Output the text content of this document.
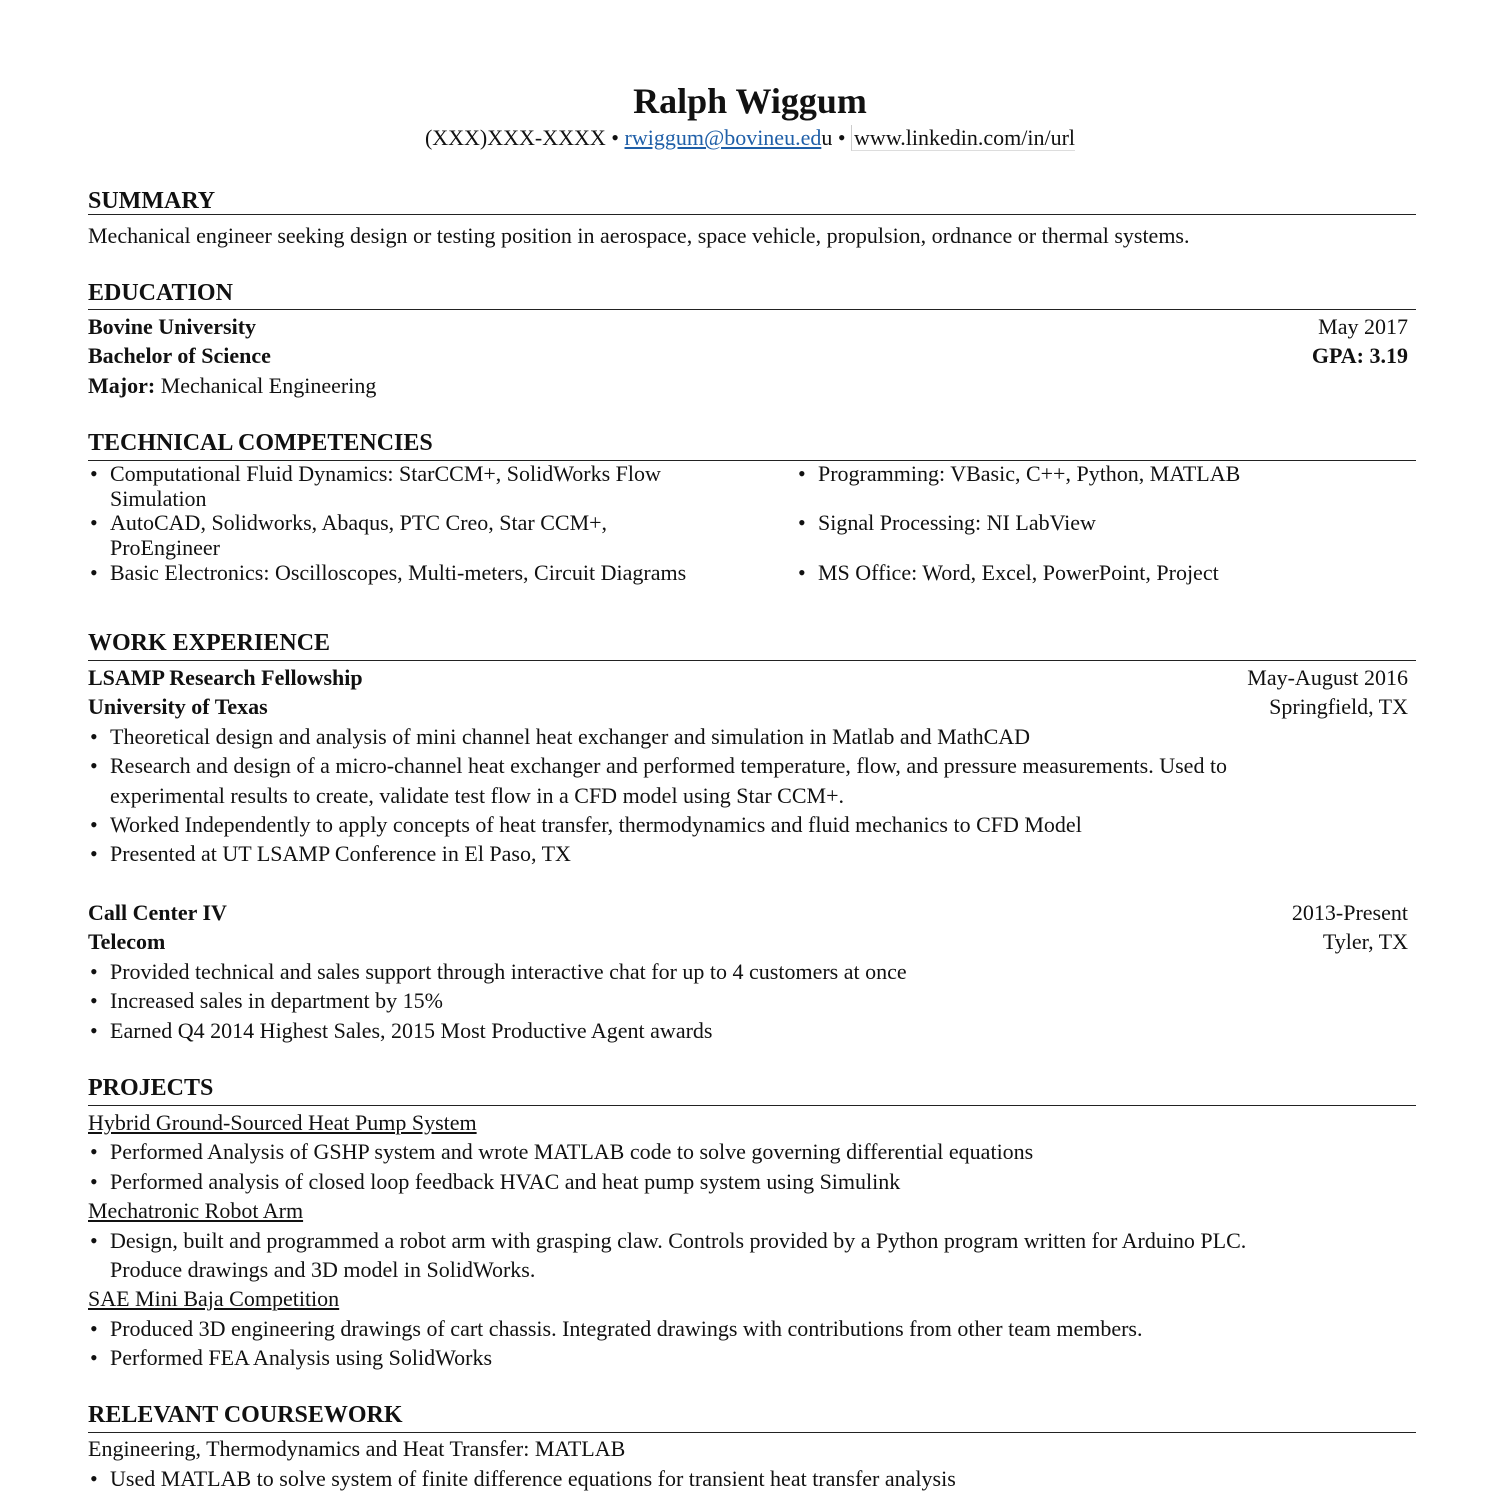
Ralph Wiggum
(XXX)XXX-XXXX • rwiggum@bovineu.edu • www.linkedin.com/in/url
SUMMARY
Mechanical engineer seeking design or testing position in aerospace, space vehicle, propulsion, ordnance or thermal systems.
EDUCATION
Bovine University	May 2017
Bachelor of Science	GPA: 3.19
Major: Mechanical Engineering
TECHNICAL COMPETENCIES
• Computational Fluid Dynamics: StarCCM+, SolidWorks Flow
Simulation
• AutoCAD, Solidworks, Abaqus, PTC Creo, Star CCM+,
ProEngineer
• Basic Electronics: Oscilloscopes, Multi-meters, Circuit Diagrams
• Programming: VBasic, C++, Python, MATLAB
• Signal Processing: NI LabView
• MS Office: Word, Excel, PowerPoint, Project
WORK EXPERIENCE
LSAMP Research Fellowship	May-August 2016
University of Texas	Springfield, TX
• Theoretical design and analysis of mini channel heat exchanger and simulation in Matlab and MathCAD
• Research and design of a micro-channel heat exchanger and performed temperature, flow, and pressure measurements. Used to
experimental results to create, validate test flow in a CFD model using Star CCM+.
• Worked Independently to apply concepts of heat transfer, thermodynamics and fluid mechanics to CFD Model
• Presented at UT LSAMP Conference in El Paso, TX
Call Center IV	2013-Present
Telecom	Tyler, TX
• Provided technical and sales support through interactive chat for up to 4 customers at once
• Increased sales in department by 15%
• Earned Q4 2014 Highest Sales, 2015 Most Productive Agent awards
PROJECTS
Hybrid Ground-Sourced Heat Pump System
• Performed Analysis of GSHP system and wrote MATLAB code to solve governing differential equations
• Performed analysis of closed loop feedback HVAC and heat pump system using Simulink
Mechatronic Robot Arm
• Design, built and programmed a robot arm with grasping claw. Controls provided by a Python program written for Arduino PLC.
Produce drawings and 3D model in SolidWorks.
SAE Mini Baja Competition
• Produced 3D engineering drawings of cart chassis. Integrated drawings with contributions from other team members.
• Performed FEA Analysis using SolidWorks
RELEVANT COURSEWORK
Engineering, Thermodynamics and Heat Transfer: MATLAB
• Used MATLAB to solve system of finite difference equations for transient heat transfer analysis
